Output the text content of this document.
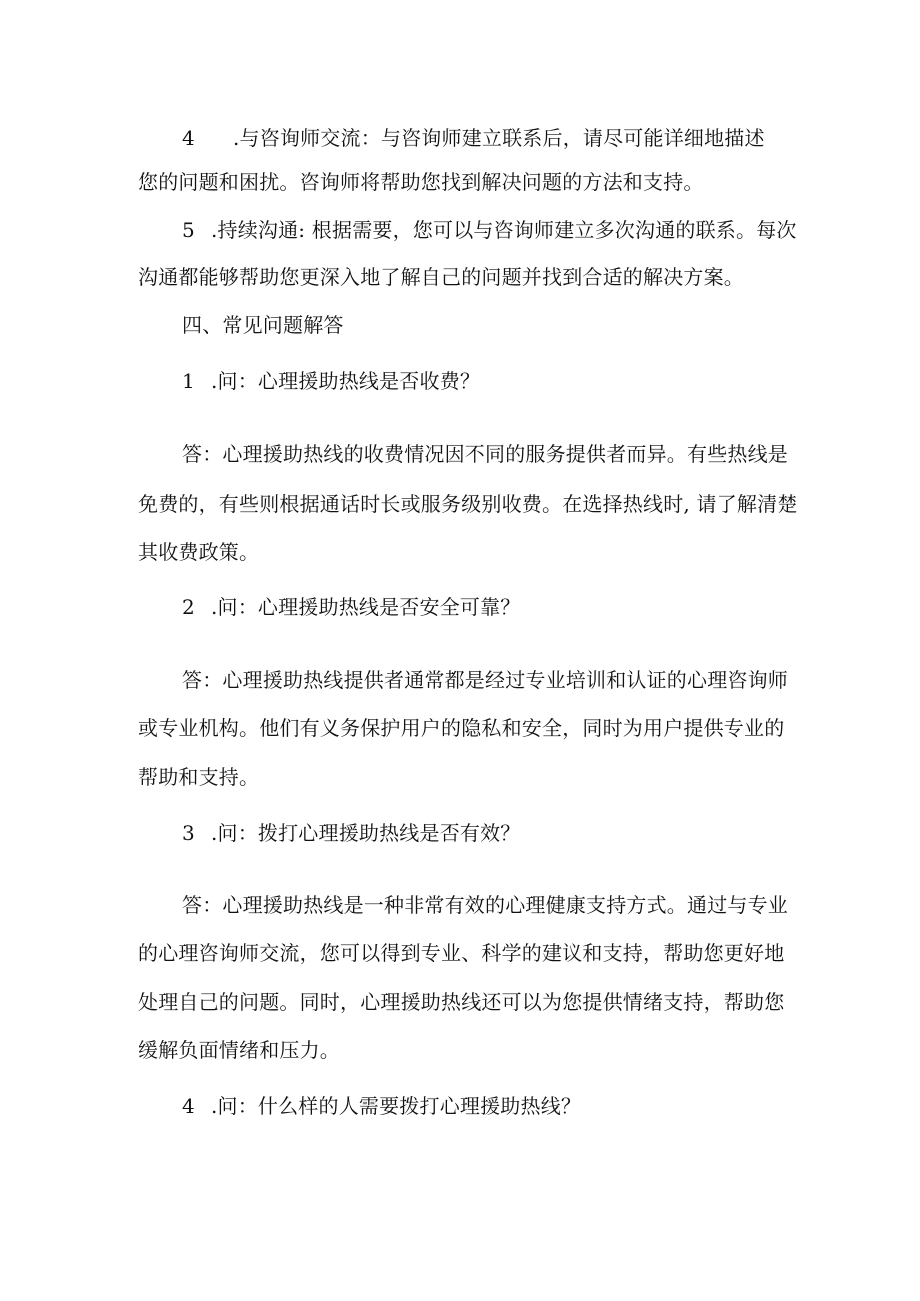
4 .与咨询师交流：与咨询师建立联系后，请尽可能详细地描述
您的问题和困扰。咨询师将帮助您找到解决问题的方法和支持。
5 .持续沟通: 根据需要，您可以与咨询师建立多次沟通的联系。每次
沟通都能够帮助您更深入地了解自己的问题并找到合适的解决方案。
四、常见问题解答
1 .问：心理援助热线是否收费？
答：心理援助热线的收费情况因不同的服务提供者而异。有些热线是
免费的，有些则根据通话时长或服务级别收费。在选择热线时, 请了解清楚
其收费政策。
2 .问：心理援助热线是否安全可靠？
答：心理援助热线提供者通常都是经过专业培训和认证的心理咨询师
或专业机构。他们有义务保护用户的隐私和安全，同时为用户提供专业的
帮助和支持。
3 .问：拨打心理援助热线是否有效？
答：心理援助热线是一种非常有效的心理健康支持方式。通过与专业
的心理咨询师交流，您可以得到专业、科学的建议和支持，帮助您更好地
处理自己的问题。同时，心理援助热线还可以为您提供情绪支持，帮助您
缓解负面情绪和压力。
4 .问：什么样的人需要拨打心理援助热线？
